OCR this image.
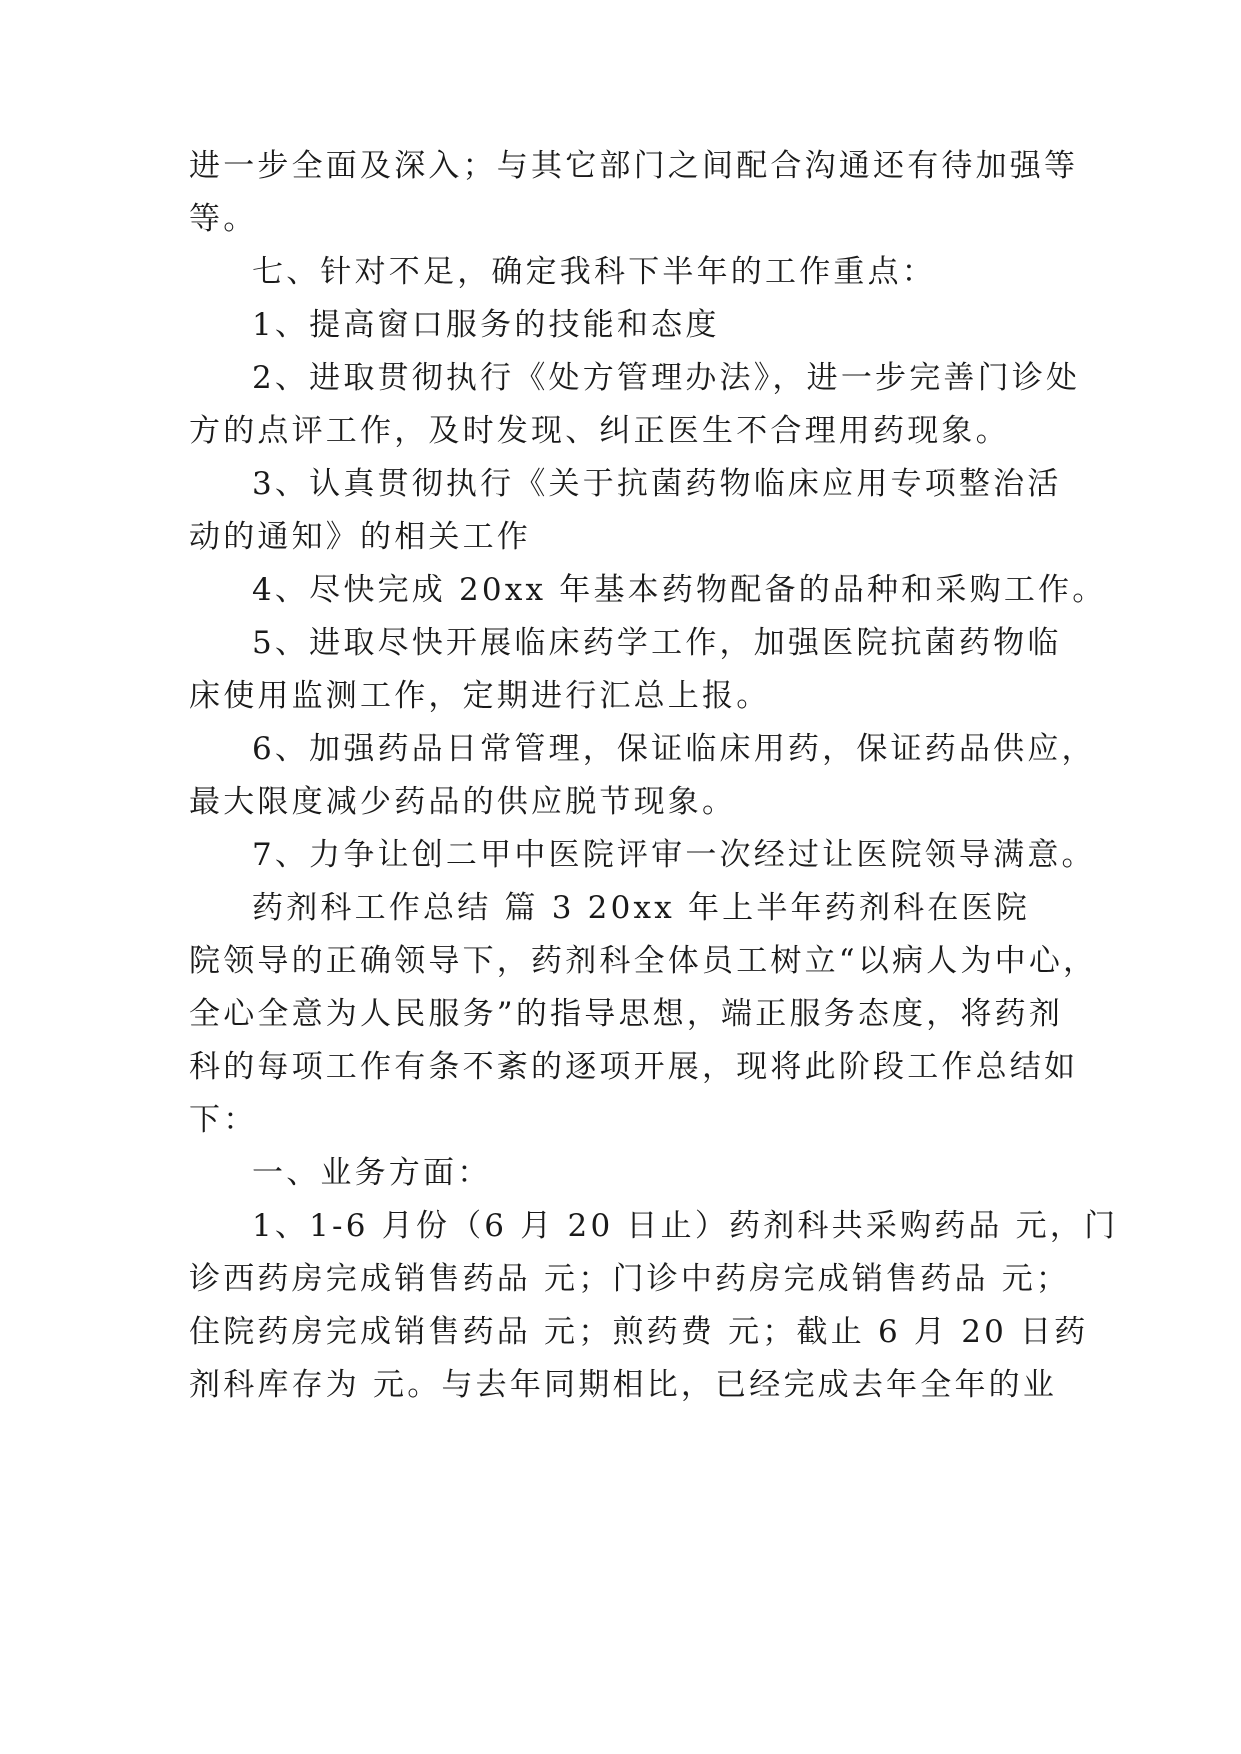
进一步全面及深入；与其它部门之间配合沟通还有待加强等
等。
七、针对不足，确定我科下半年的工作重点：
1、提高窗口服务的技能和态度
2、进取贯彻执行《处方管理办法》，进一步完善门诊处
方的点评工作，及时发现、纠正医生不合理用药现象。
3、认真贯彻执行《关于抗菌药物临床应用专项整治活
动的通知》的相关工作
4、尽快完成 20xx 年基本药物配备的品种和采购工作。
5、进取尽快开展临床药学工作，加强医院抗菌药物临
床使用监测工作，定期进行汇总上报。
6、加强药品日常管理，保证临床用药，保证药品供应，
最大限度减少药品的供应脱节现象。
7、力争让创二甲中医院评审一次经过让医院领导满意。
药剂科工作总结 篇 3 20xx 年上半年药剂科在医院
院领导的正确领导下，药剂科全体员工树立“以病人为中心，
全心全意为人民服务”的指导思想，端正服务态度，将药剂
科的每项工作有条不紊的逐项开展，现将此阶段工作总结如
下：
一、业务方面：
1、1-6 月份（6 月 20 日止）药剂科共采购药品 元，门
诊西药房完成销售药品 元；门诊中药房完成销售药品 元；
住院药房完成销售药品 元；煎药费 元；截止 6 月 20 日药
剂科库存为 元。与去年同期相比，已经完成去年全年的业
